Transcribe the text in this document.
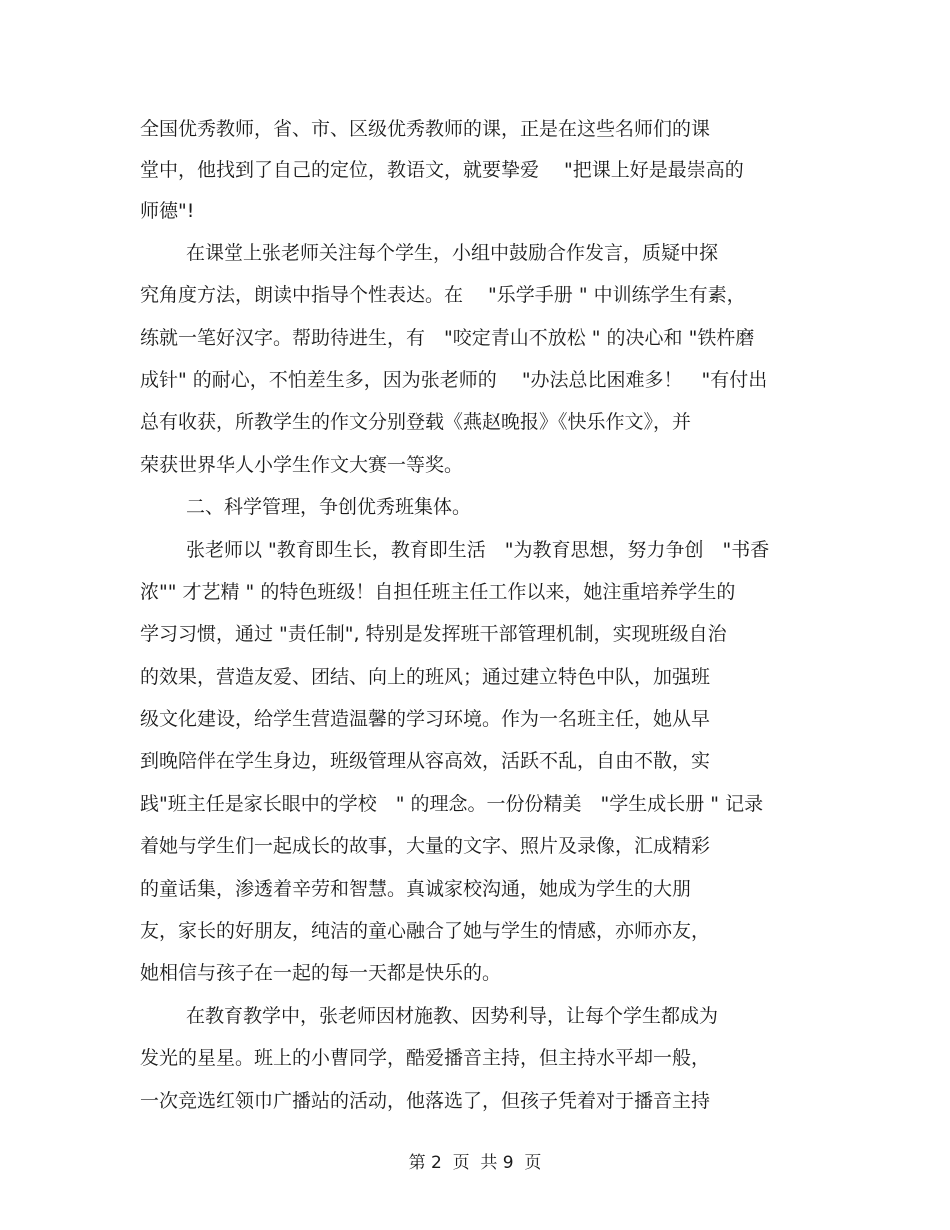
全国优秀教师，省、市、区级优秀教师的课，正是在这些名师们的课
堂中，他找到了自己的定位，教语文，就要挚爱　 "把课上好是最崇高的
师德"!
在课堂上张老师关注每个学生，小组中鼓励合作发言，质疑中探
究角度方法，朗读中指导个性表达。在　 "乐学手册 " 中训练学生有素，
练就一笔好汉字。帮助待进生，有　"咬定青山不放松 " 的决心和 "铁杵磨
成针" 的耐心，不怕差生多，因为张老师的　 "办法总比困难多！　"有付出
总有收获，所教学生的作文分别登载《燕赵晚报》《快乐作文》，并
荣获世界华人小学生作文大赛一等奖。
二、科学管理，争创优秀班集体。
张老师以 "教育即生长，教育即生活　"为教育思想，努力争创　"书香
浓"" 才艺精 " 的特色班级！自担任班主任工作以来，她注重培养学生的
学习习惯，通过 "责任制", 特别是发挥班干部管理机制，实现班级自治
的效果，营造友爱、团结、向上的班风；通过建立特色中队，加强班
级文化建设，给学生营造温馨的学习环境。作为一名班主任，她从早
到晚陪伴在学生身边，班级管理从容高效，活跃不乱，自由不散，实
践"班主任是家长眼中的学校　" 的理念。一份份精美　"学生成长册 " 记录
着她与学生们一起成长的故事，大量的文字、照片及录像，汇成精彩
的童话集，渗透着辛劳和智慧。真诚家校沟通，她成为学生的大朋
友，家长的好朋友，纯洁的童心融合了她与学生的情感，亦师亦友，
她相信与孩子在一起的每一天都是快乐的。
在教育教学中，张老师因材施教、因势利导，让每个学生都成为
发光的星星。班上的小曹同学，酷爱播音主持，但主持水平却一般，
一次竞选红领巾广播站的活动，他落选了，但孩子凭着对于播音主持
第 2  页  共 9  页
